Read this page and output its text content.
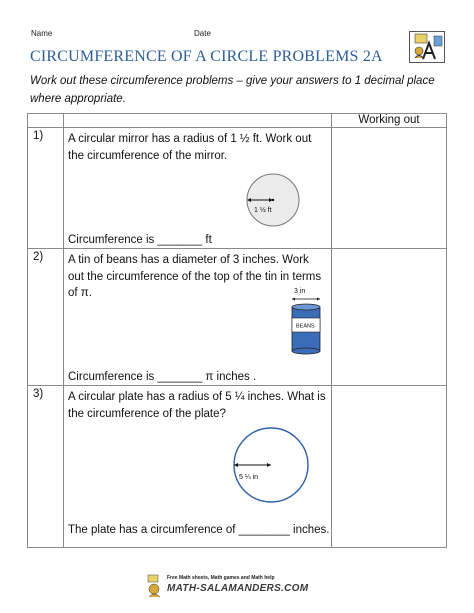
Name	Date
CIRCUMFERENCE OF A CIRCLE PROBLEMS 2A
Work out these circumference problems – give your answers to 1 decimal place where appropriate.
		Working out
1)	A circular mirror has a radius of 1 ½ ft. Work out the circumference of the mirror.
1 ½ ft
Circumference is _______ ft	

2)	A tin of beans has a diameter of 3 inches. Work out the circumference of the top of the tin in terms of π. 3 in
BEANS
Circumference is _______ π inches .	

3)	A circular plate has a radius of 5 ¼ inches. What is the circumference of the plate?
5 ¼ in
The plate has a circumference of ________ inches.	

Free Math sheets, Math games and Math help
MATH-SALAMANDERS.COM
